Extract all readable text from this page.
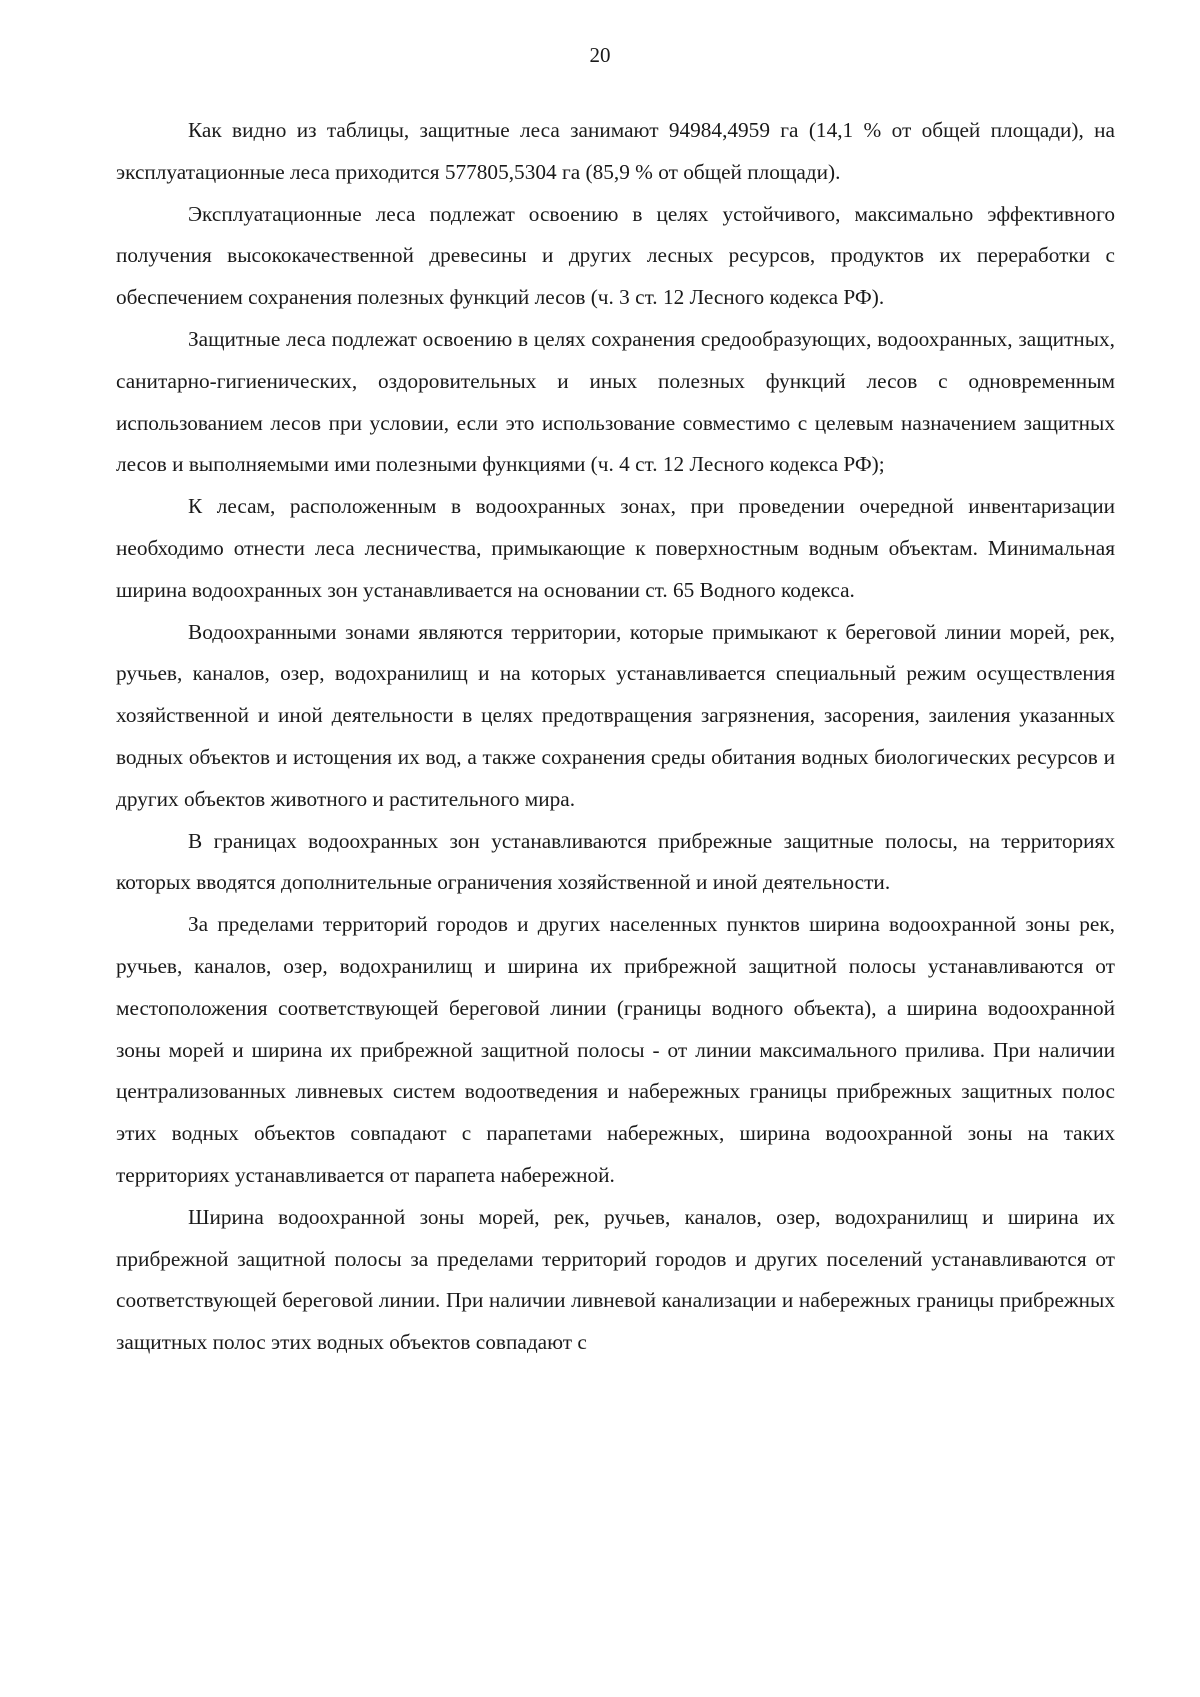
20

Как видно из таблицы, защитные леса занимают 94984,4959 га (14,1 % от общей площади), на эксплуатационные леса приходится 577805,5304 га (85,9 % от общей площади).

Эксплуатационные леса подлежат освоению в целях устойчивого, максимально эффективного получения высококачественной древесины и других лесных ресурсов, продуктов их переработки с обеспечением сохранения полезных функций лесов (ч. 3 ст. 12 Лесного кодекса РФ).

Защитные леса подлежат освоению в целях сохранения средообразующих, водоохранных, защитных, санитарно-гигиенических, оздоровительных и иных полезных функций лесов с одновременным использованием лесов при условии, если это использование совместимо с целевым назначением защитных лесов и выполняемыми ими полезными функциями (ч. 4 ст. 12 Лесного кодекса РФ);

К лесам, расположенным в водоохранных зонах, при проведении очередной инвентаризации необходимо отнести леса лесничества, примыкающие к поверхностным водным объектам. Минимальная ширина водоохранных зон устанавливается на основании ст. 65 Водного кодекса.

Водоохранными зонами являются территории, которые примыкают к береговой линии морей, рек, ручьев, каналов, озер, водохранилищ и на которых устанавливается специальный режим осуществления хозяйственной и иной деятельности в целях предотвращения загрязнения, засорения, заиления указанных водных объектов и истощения их вод, а также сохранения среды обитания водных биологических ресурсов и других объектов животного и растительного мира.

В границах водоохранных зон устанавливаются прибрежные защитные полосы, на территориях которых вводятся дополнительные ограничения хозяйственной и иной деятельности.

За пределами территорий городов и других населенных пунктов ширина водоохранной зоны рек, ручьев, каналов, озер, водохранилищ и ширина их прибрежной защитной полосы устанавливаются от местоположения соответствующей береговой линии (границы водного объекта), а ширина водоохранной зоны морей и ширина их прибрежной защитной полосы - от линии максимального прилива. При наличии централизованных ливневых систем водоотведения и набережных границы прибрежных защитных полос этих водных объектов совпадают с парапетами набережных, ширина водоохранной зоны на таких территориях устанавливается от парапета набережной.

Ширина водоохранной зоны морей, рек, ручьев, каналов, озер, водохранилищ и ширина их прибрежной защитной полосы за пределами территорий городов и других поселений устанавливаются от соответствующей береговой линии. При наличии ливневой канализации и набережных границы прибрежных защитных полос этих водных объектов совпадают с
